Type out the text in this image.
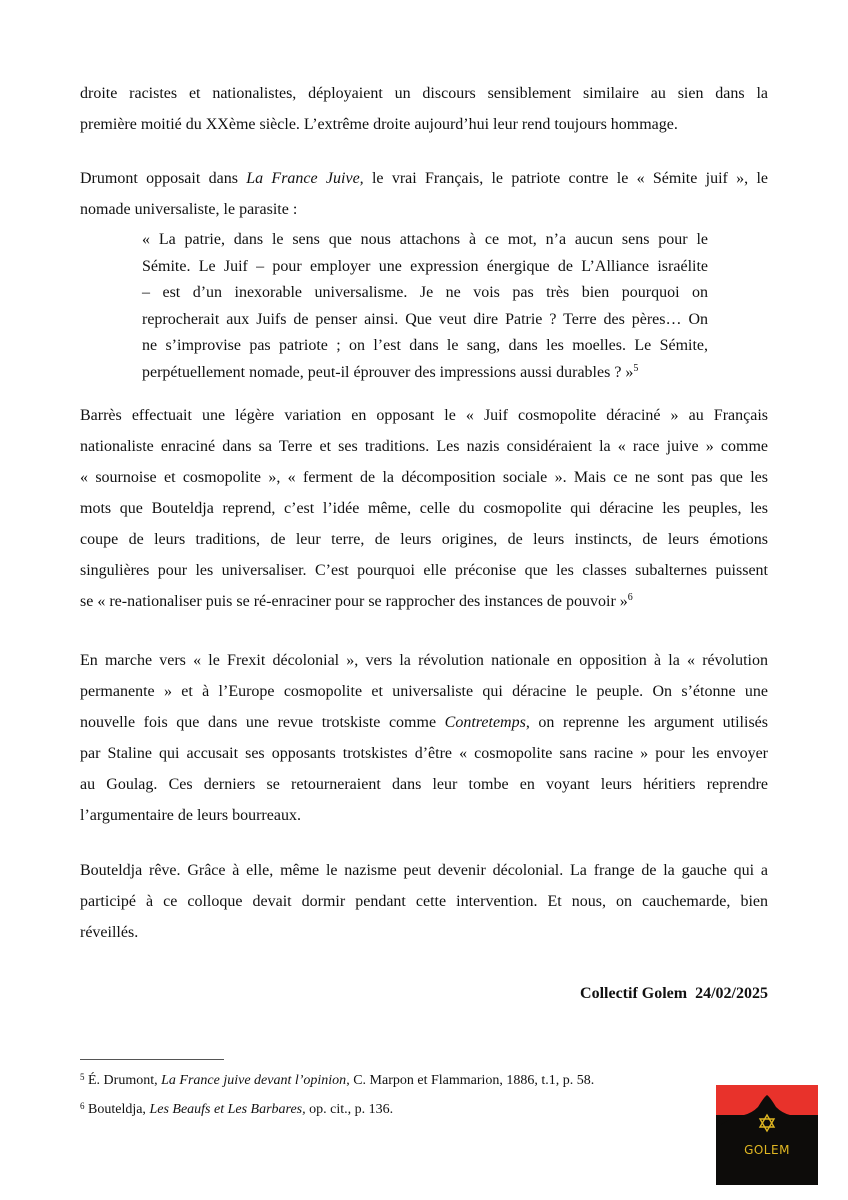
droite racistes et nationalistes, déployaient un discours sensiblement similaire au sien dans la
première moitié du XXème siècle. L’extrême droite aujourd’hui leur rend toujours hommage.

Drumont opposait dans La France Juive, le vrai Français, le patriote contre le « Sémite juif », le
nomade universaliste, le parasite :

« La patrie, dans le sens que nous attachons à ce mot, n’a aucun sens pour le
Sémite. Le Juif – pour employer une expression énergique de L’Alliance israélite
– est d’un inexorable universalisme. Je ne vois pas très bien pourquoi on
reprocherait aux Juifs de penser ainsi. Que veut dire Patrie ? Terre des pères… On
ne s’improvise pas patriote ; on l’est dans le sang, dans les moelles. Le Sémite,
perpétuellement nomade, peut-il éprouver des impressions aussi durables ? »$^5$

Barrès effectuait une légère variation en opposant le « Juif cosmopolite déraciné » au Français
nationaliste enraciné dans sa Terre et ses traditions. Les nazis considéraient la « race juive » comme
« sournoise et cosmopolite », « ferment de la décomposition sociale ». Mais ce ne sont pas que les
mots que Bouteldja reprend, c’est l’idée même, celle du cosmopolite qui déracine les peuples, les
coupe de leurs traditions, de leur terre, de leurs origines, de leurs instincts, de leurs émotions
singulières pour les universaliser. C’est pourquoi elle préconise que les classes subalternes puissent
se « re-nationaliser puis se ré-enraciner pour se rapprocher des instances de pouvoir »$^6$

En marche vers « le Frexit décolonial », vers la révolution nationale en opposition à la « révolution
permanente » et à l’Europe cosmopolite et universaliste qui déracine le peuple. On s’étonne une
nouvelle fois que dans une revue trotskiste comme Contretemps, on reprenne les argument utilisés
par Staline qui accusait ses opposants trotskistes d’être « cosmopolite sans racine » pour les envoyer
au Goulag. Ces derniers se retourneraient dans leur tombe en voyant leurs héritiers reprendre
l’argumentaire de leurs bourreaux.

Bouteldja rêve. Grâce à elle, même le nazisme peut devenir décolonial. La frange de la gauche qui a
participé à ce colloque devait dormir pendant cette intervention. Et nous, on cauchemarde, bien
réveillés.

Collectif Golem  24/02/2025
$^5$ É. Drumont, La France juive devant l’opinion, C. Marpon et Flammarion, 1886, t.1, p. 58.
$^6$ Bouteldja, Les Beaufs et Les Barbares, op. cit., p. 136.
GOLEM
